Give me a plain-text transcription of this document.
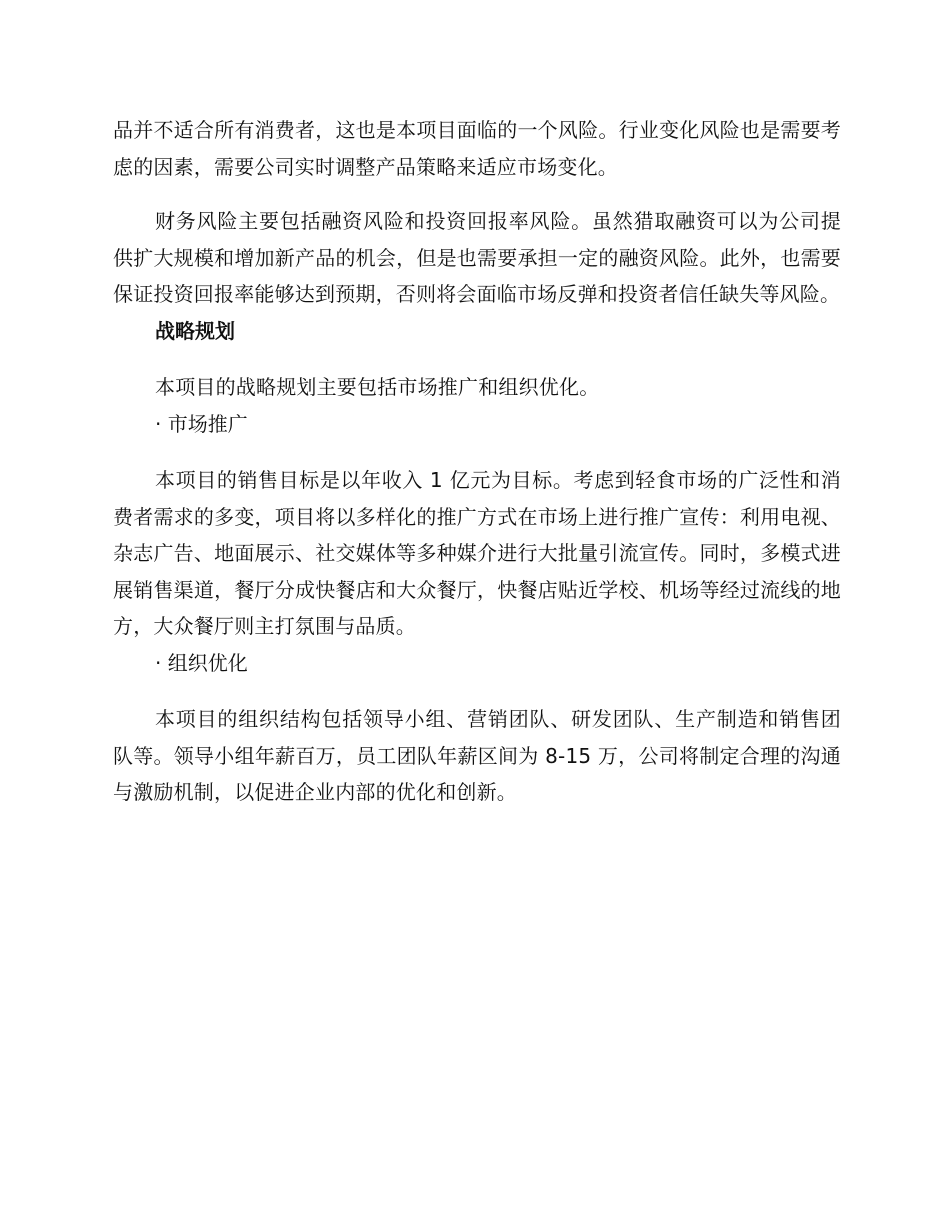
品并不适合所有消费者，这也是本项目面临的一个风险。行业变化风险也是需要考虑的因素，需要公司实时调整产品策略来适应市场变化。

财务风险主要包括融资风险和投资回报率风险。虽然猎取融资可以为公司提供扩大规模和增加新产品的机会，但是也需要承担一定的融资风险。此外，也需要保证投资回报率能够达到预期，否则将会面临市场反弹和投资者信任缺失等风险。

战略规划

本项目的战略规划主要包括市场推广和组织优化。

· 市场推广

本项目的销售目标是以年收入 1 亿元为目标。考虑到轻食市场的广泛性和消费者需求的多变，项目将以多样化的推广方式在市场上进行推广宣传：利用电视、杂志广告、地面展示、社交媒体等多种媒介进行大批量引流宣传。同时，多模式进展销售渠道，餐厅分成快餐店和大众餐厅，快餐店贴近学校、机场等经过流线的地方，大众餐厅则主打氛围与品质。

· 组织优化

本项目的组织结构包括领导小组、营销团队、研发团队、生产制造和销售团队等。领导小组年薪百万，员工团队年薪区间为 8-15 万，公司将制定合理的沟通与激励机制，以促进企业内部的优化和创新。
